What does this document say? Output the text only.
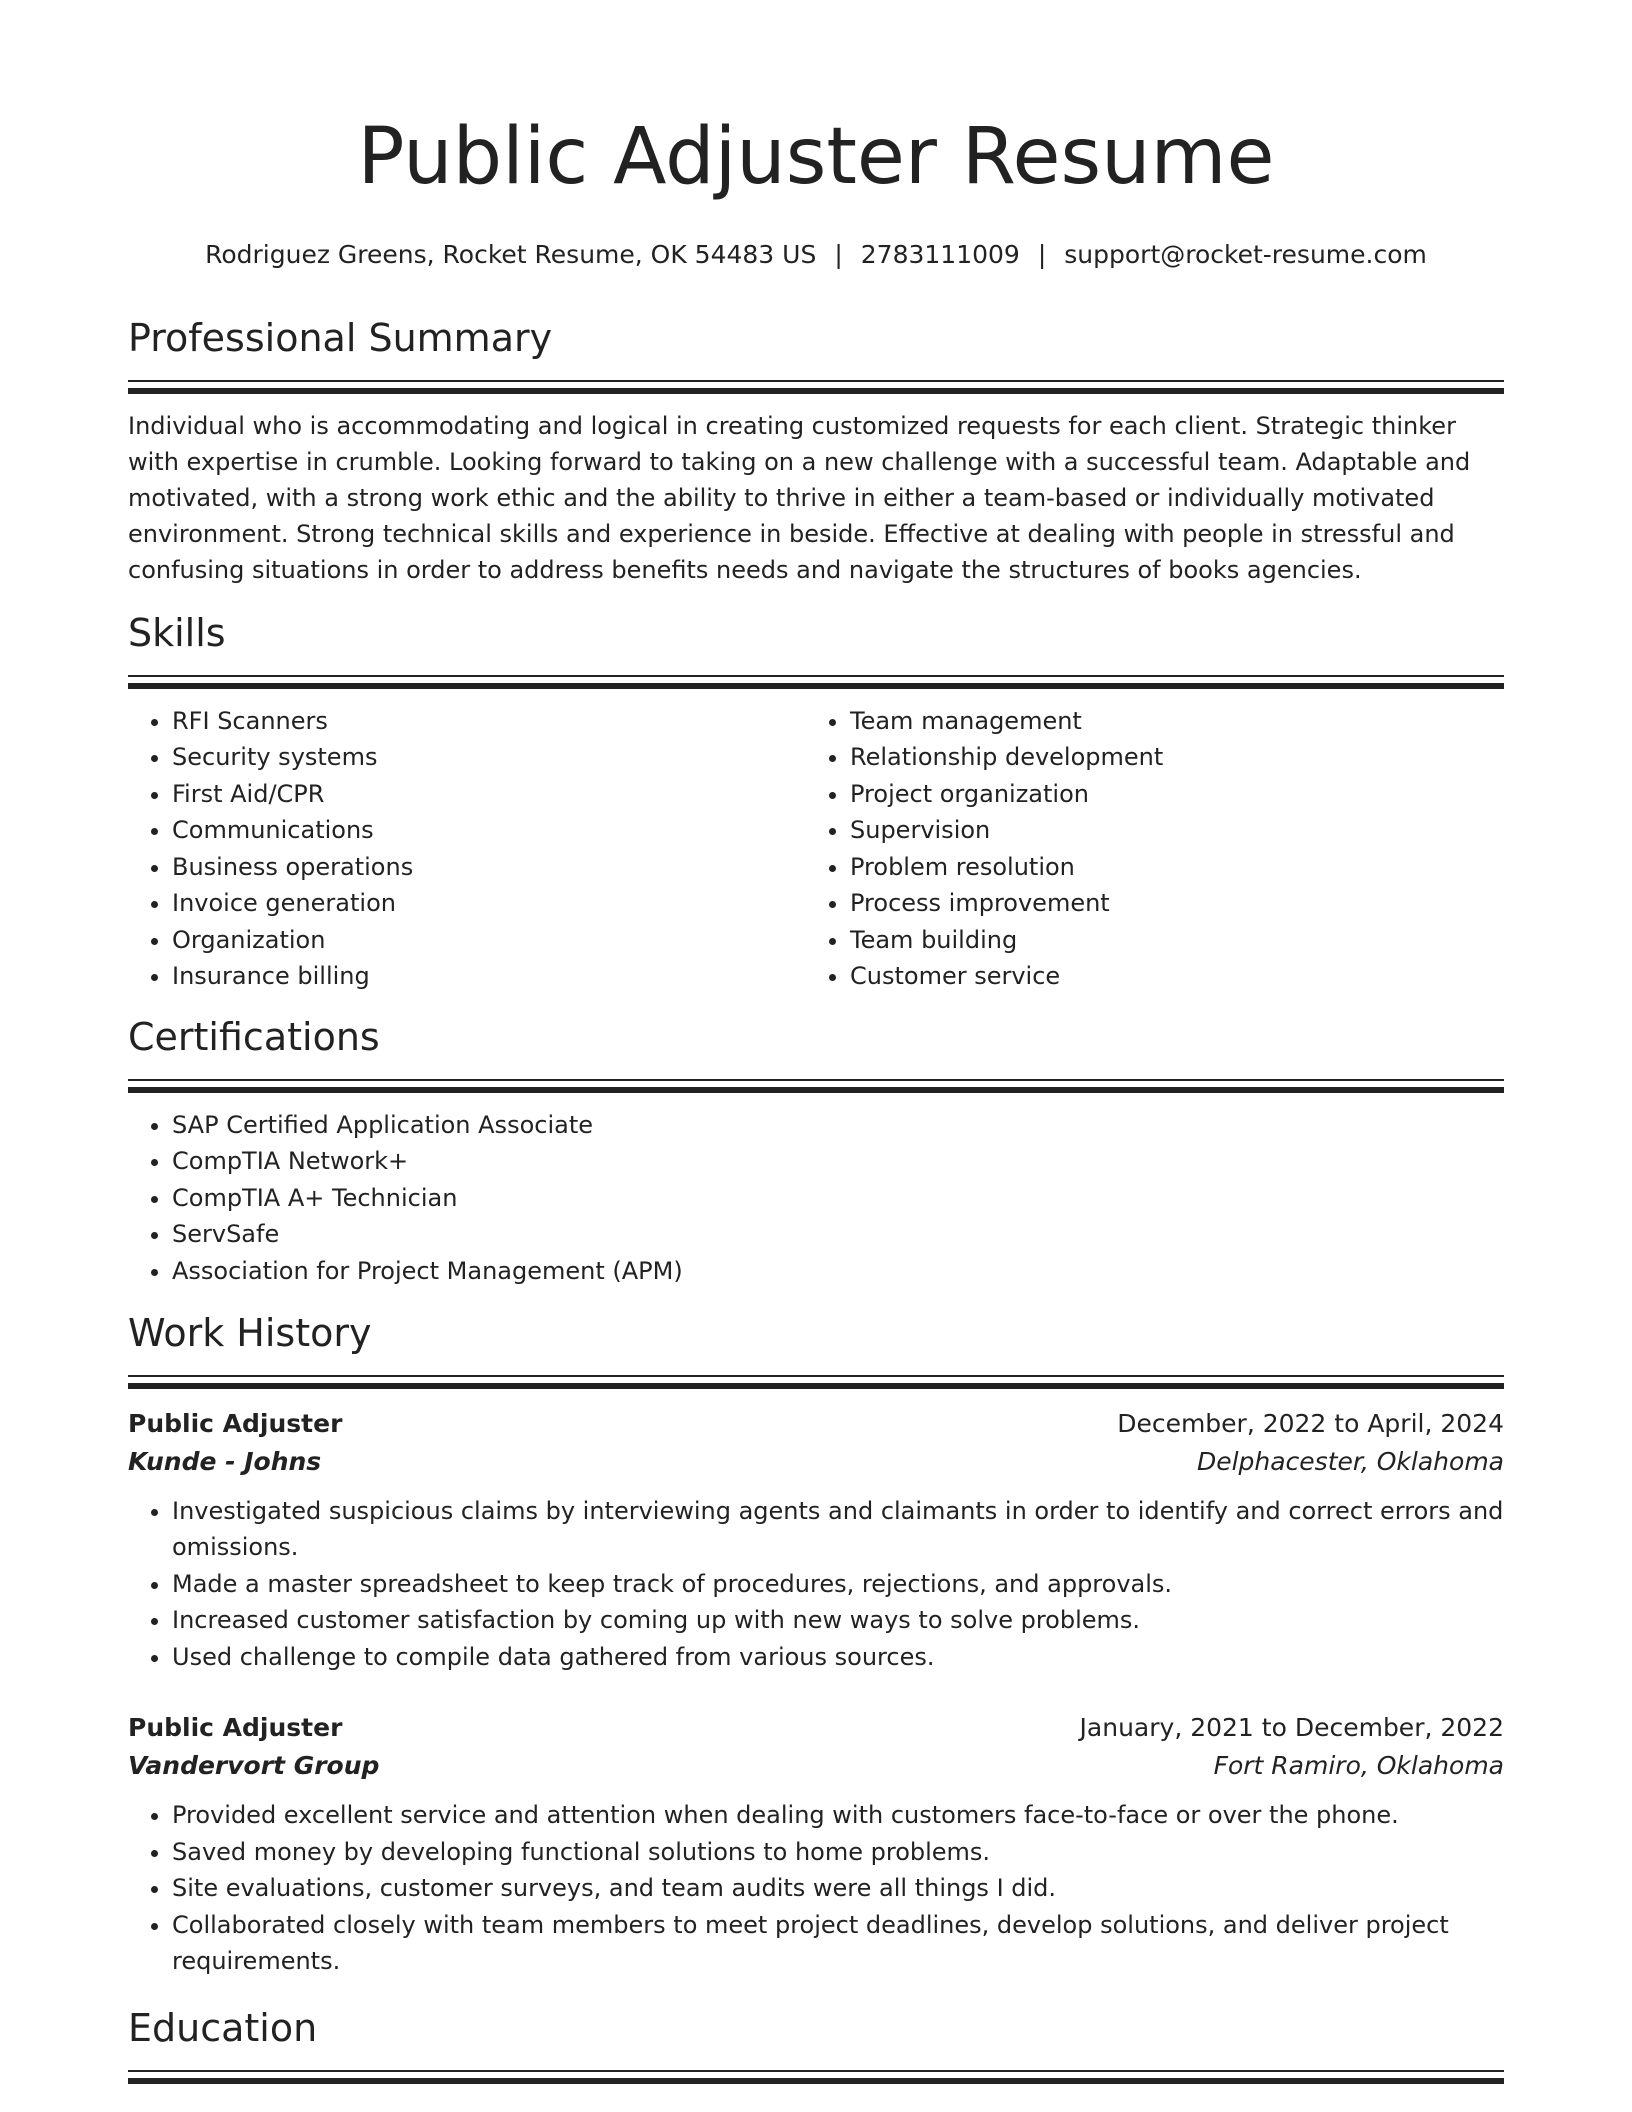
Public Adjuster Resume
Rodriguez Greens, Rocket Resume, OK 54483 US | 2783111009 | support@rocket-resume.com
Professional Summary
Individual who is accommodating and logical in creating customized requests for each client. Strategic thinker with expertise in crumble. Looking forward to taking on a new challenge with a successful team. Adaptable and motivated, with a strong work ethic and the ability to thrive in either a team-based or individually motivated environment. Strong technical skills and experience in beside. Effective at dealing with people in stressful and confusing situations in order to address benefits needs and navigate the structures of books agencies.
Skills
• RFI Scanners
• Security systems
• First Aid/CPR
• Communications
• Business operations
• Invoice generation
• Organization
• Insurance billing
• Team management
• Relationship development
• Project organization
• Supervision
• Problem resolution
• Process improvement
• Team building
• Customer service
Certifications
• SAP Certified Application Associate
• CompTIA Network+
• CompTIA A+ Technician
• ServSafe
• Association for Project Management (APM)
Work History
Public Adjuster	December, 2022 to April, 2024
Kunde - Johns	Delphacester, Oklahoma
• Investigated suspicious claims by interviewing agents and claimants in order to identify and correct errors and omissions.
• Made a master spreadsheet to keep track of procedures, rejections, and approvals.
• Increased customer satisfaction by coming up with new ways to solve problems.
• Used challenge to compile data gathered from various sources.
Public Adjuster	January, 2021 to December, 2022
Vandervort Group	Fort Ramiro, Oklahoma
• Provided excellent service and attention when dealing with customers face-to-face or over the phone.
• Saved money by developing functional solutions to home problems.
• Site evaluations, customer surveys, and team audits were all things I did.
• Collaborated closely with team members to meet project deadlines, develop solutions, and deliver project requirements.
Education
